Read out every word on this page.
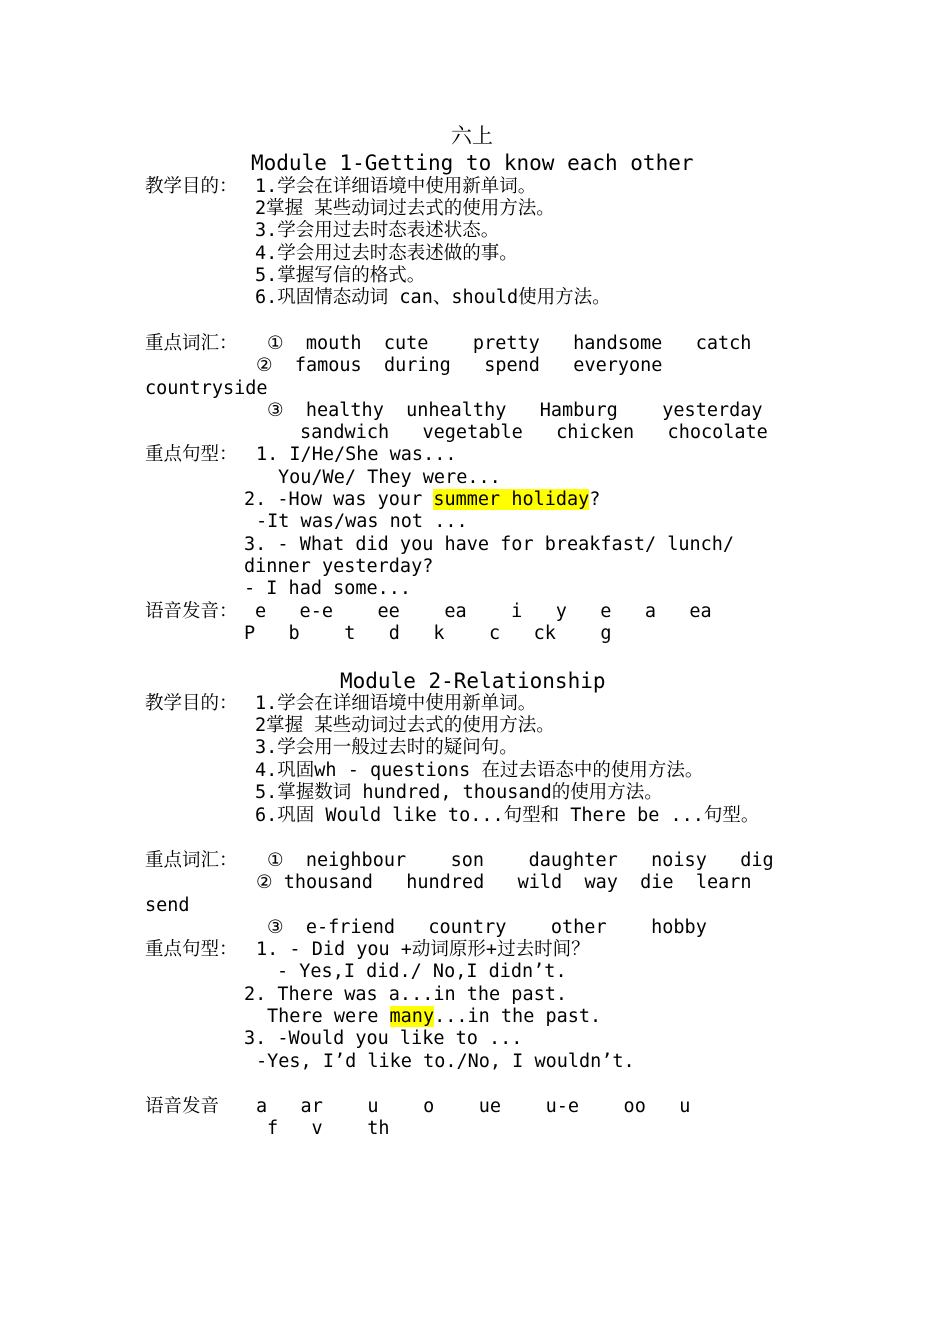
六上
Module 1-Getting to know each other
教学目的： 1.学会在详细语境中使用新单词。
2掌握 某些动词过去式的使用方法。
3.学会用过去时态表述状态。
4.学会用过去时态表述做的事。
5.掌握写信的格式。
6.巩固情态动词 can、should使用方法。
重点词汇： ①  mouth  cute    pretty   handsome   catch
②  famous  during   spend   everyone
countryside
③  healthy  unhealthy   Hamburg    yesterday
sandwich   vegetable   chicken   chocolate
重点句型： 1. I/He/She was...
You/We/ They were...
2. -How was your summer holiday?
-It was/was not ...
3. - What did you have for breakfast/ lunch/
dinner yesterday?
- I had some...
语音发音： e   e-e    ee    ea    i   y   e   a   ea
P   b    t   d   k    c   ck    g
Module 2-Relationship
教学目的： 1.学会在详细语境中使用新单词。
2掌握 某些动词过去式的使用方法。
3.学会用一般过去时的疑问句。
4.巩固wh - questions 在过去语态中的使用方法。
5.掌握数词 hundred, thousand的使用方法。
6.巩固 Would like to...句型和 There be ...句型。
重点词汇： ①  neighbour    son    daughter   noisy   dig
② thousand   hundred   wild  way  die  learn
send
③  e-friend   country    other    hobby
重点句型： 1. - Did you +动词原形+过去时间？
- Yes,I did./ No,I didn’t.
2. There was a...in the past.
There were many...in the past.
3. -Would you like to ...
-Yes, I’d like to./No, I wouldn’t.
语音发音 a   ar    u    o    ue    u-e    oo   u
f   v    th
